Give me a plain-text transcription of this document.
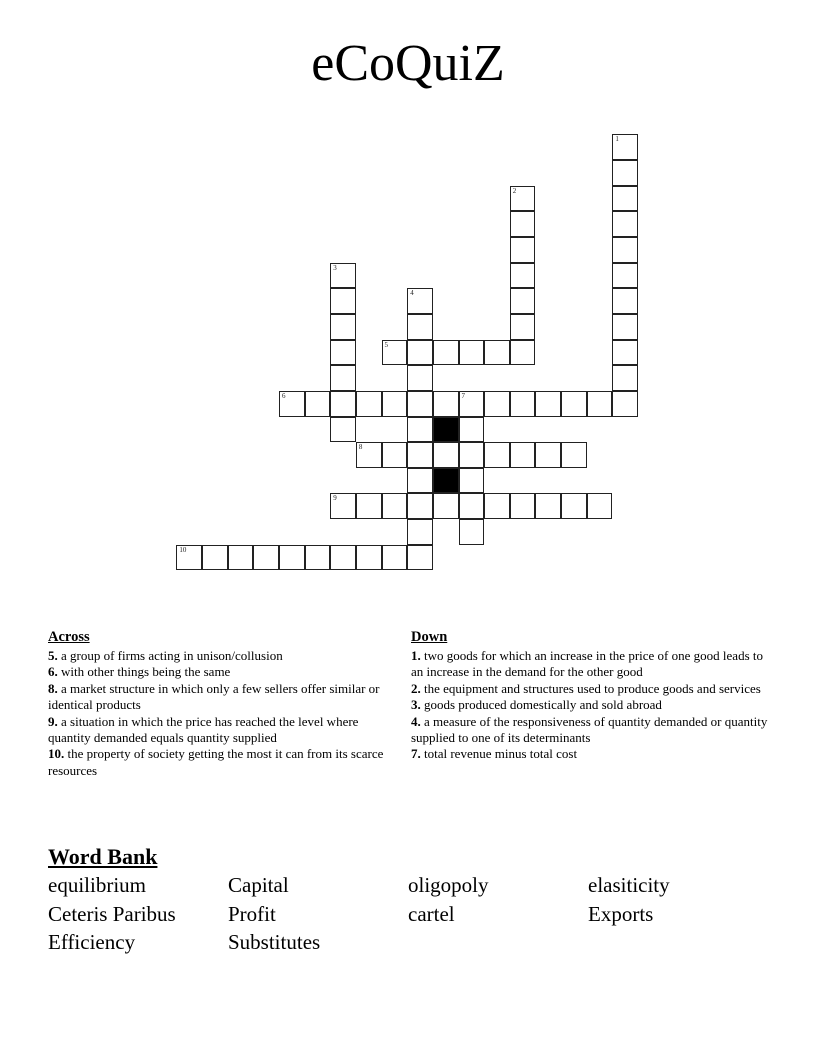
eCoQuiZ
1
2
3
4
5
6	7
8
9
10
Across

5. a group of firms acting in unison/collusion

6. with other things being the same

8. a market structure in which only a few sellers offer similar or identical products

9. a situation in which the price has reached the level where quantity demanded equals quantity supplied

10. the property of society getting the most it can from its scarce resources

Down

1. two goods for which an increase in the price of one good leads to an increase in the demand for the other good

2. the equipment and structures used to produce goods and services

3. goods produced domestically and sold abroad

4. a measure of the responsiveness of quantity demanded or quantity supplied to one of its determinants

7. total revenue minus total cost

Word Bank
equilibrium	Capital	oligopoly	elasiticity
Ceteris Paribus	Profit	cartel	Exports
Efficiency	Substitutes
